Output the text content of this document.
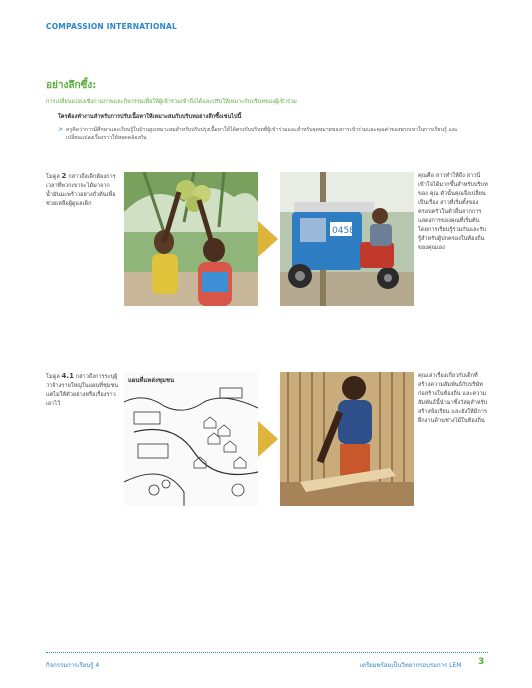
COMPASSION INTERNATIONAL
อย่างลึกซึ้ง:
การเปลี่ยนแปลงเชิงกายภาพและกิจกรรมเพื่อให้ผู้เข้าร่วมเข้าถึงได้และปรับให้เหมาะกับบริบทของผู้เข้าร่วม
ใครต้องทำงานสำหรับการปรับเนื้อหาให้เหมาะสมกับบริบทอย่างลึกซึ้งเช่นไปนี้
> ครูคิดว่าการมีศึกษาและเรียนรู้ในบ้านสูงเหมาะสมสำหรับปรับปรุงเนื้อหาให้ได้ตรงกับบริบทที่ผู้เข้าร่วมและสำหรับจุดหมายของการเข้าร่วมและคุณค่าของพวกเขาในการเรียนรู้ และเปลี่ยนแปลงเรื่องราวให้สอดคล้องกัน
โมดูล 2 กล่าวถึงเด็กต้องการเวลาที่พวกเขาจะได้มาจากน้ำมันมะพร้าวอย่างถั่วต้นเพื่อช่วยเหลือผู้ดูแลเด็ก
0458
คุณคือ สาวทำให้ถึง สาวนี่เข้าใจได้มากขึ้นสำหรับบริบทของ คุณ ตัวนั้นคุณจึงเปลี่ยนเป็นเรื่อง สาวที่เริ่มตั้งของครอบครัวในตัวอื่นจากการแสดงการของคุณที่เริ่มต้นโดยการเรียนรู้ร่วมกันและรับรู้สำหรับผู้ปกครองในท้องถิ่นของคุณเอง
โมดูล 4.1 กล่าวถึงการระบุผู้ว่าจ้างรายใหญ่ในแผนที่ชุมชน แต่ไม่ให้ตัวอย่างหรือเรื่องราวเอาไว้
แผนที่แหล่งชุมชน
คุณเล่าเรื่องเกี่ยวกับเด็กที่สร้างความสัมพันธ์กับบริษัทก่อสร้างในท้องถิ่น และความสัมพันธ์นี้นำมาซึ่งวัสดุสำหรับสร้างข้อเรียน และยังให้มีการฝึกงานด้านช่างไม้ในท้องถิ่น
กิจกรรมการเรียนรู้ 4	เตรียมพร้อมเป็นวิทยากรอบรมการ LEM 3
